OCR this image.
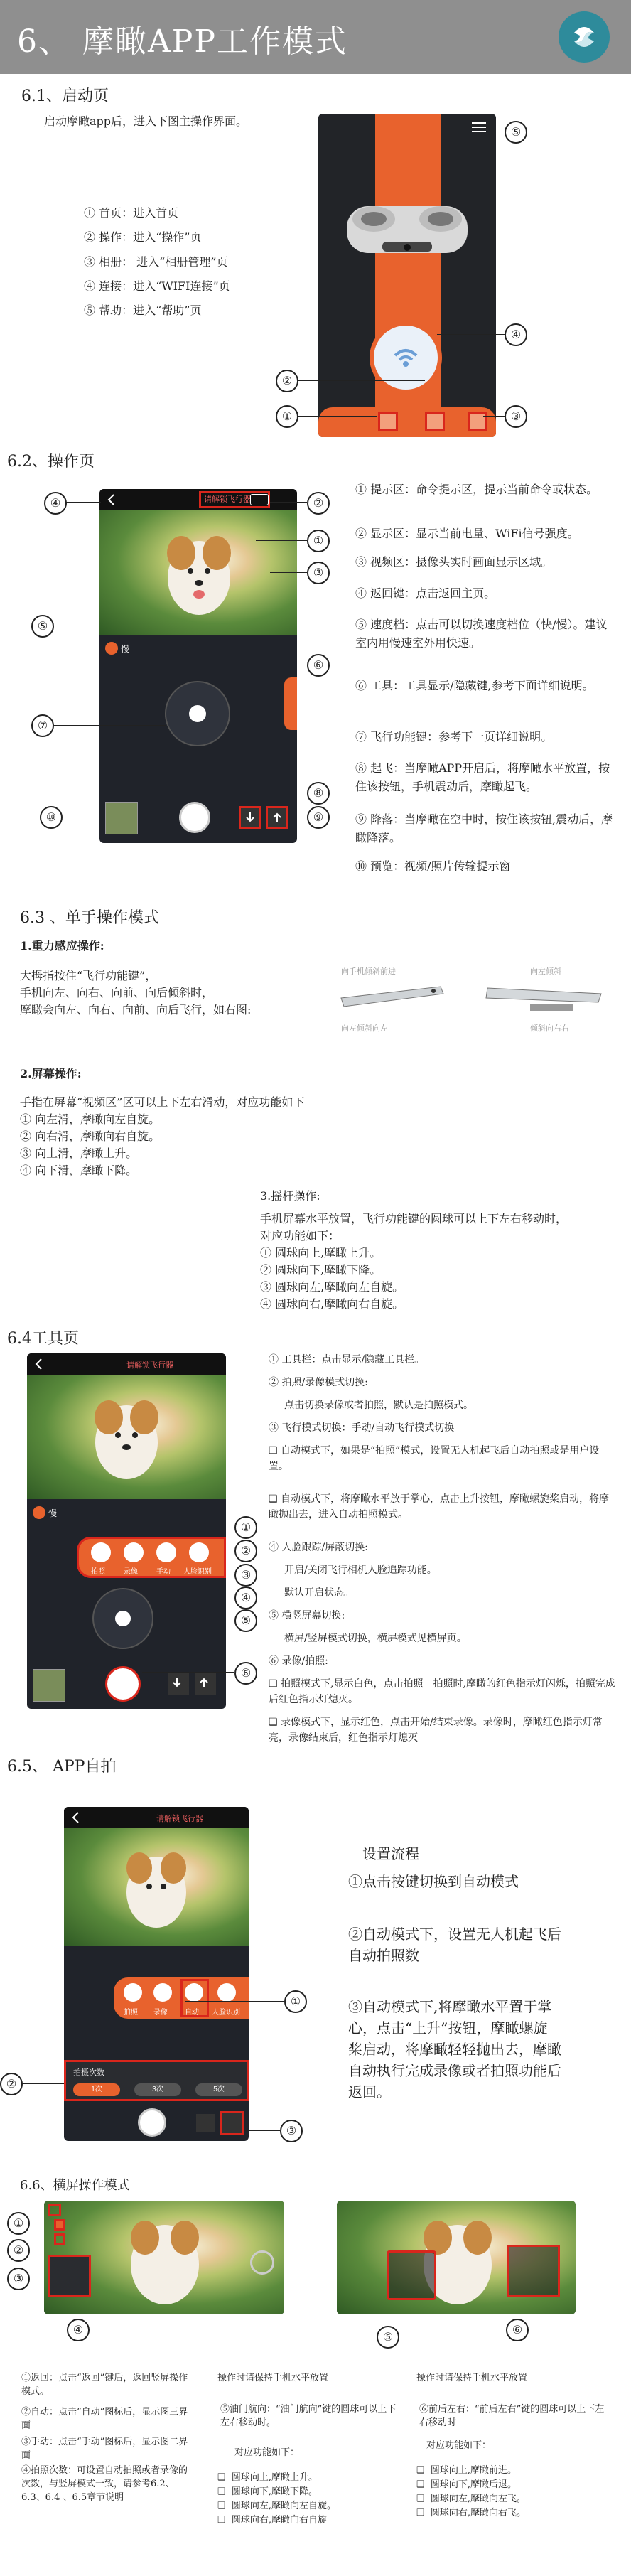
6、 摩瞰APP工作模式
6.1、启动页
启动摩瞰app后，进入下图主操作界面。
① 首页：进入首页
② 操作：进入“操作”页
③ 相册： 进入“相册管理”页
④ 连接：进入“WIFI连接”页
⑤ 帮助：进入“帮助”页
⑤
④
②
①	③
6.2、操作页
请解锁飞行器
慢
④	②
①
③
⑤
⑥
⑦
⑧
⑩	⑨
① 提示区：命令提示区，提示当前命令或状态。
② 显示区：显示当前电量、WiFi信号强度。
③ 视频区：摄像头实时画面显示区域。
④ 返回键：点击返回主页。
⑤ 速度档：点击可以切换速度档位（快/慢）。建议室内用慢速室外用快速。
⑥ 工具：工具显示/隐藏键,参考下面详细说明。
⑦ 飞行功能键：参考下一页详细说明。
⑧ 起飞：当摩瞰APP开启后，将摩瞰水平放置，按住该按钮，手机震动后，摩瞰起飞。
⑨ 降落：当摩瞰在空中时，按住该按钮,震动后，摩瞰降落。
⑩ 预览：视频/照片传输提示窗
6.3 、单手操作模式
1.重力感应操作:
大拇指按住“飞行功能键”，
手机向左、向右、向前、向后倾斜时，
摩瞰会向左、向右、向前、向后飞行，如右图:
向手机倾斜前进
向左倾斜向左
向左倾斜
倾斜向右右
2.屏幕操作:
手指在屏幕“视频区”区可以上下左右滑动，对应功能如下
① 向左滑，摩瞰向左自旋。
② 向右滑，摩瞰向右自旋。
③ 向上滑，摩瞰上升。
④ 向下滑，摩瞰下降。
3.摇杆操作:
手机屏幕水平放置，飞行功能键的圆球可以上下左右移动时，
对应功能如下：
① 圆球向上,摩瞰上升。
② 圆球向下,摩瞰下降。
③ 圆球向左,摩瞰向左自旋。
④ 圆球向右,摩瞰向右自旋。
6.4工具页
请解锁飞行器
慢
拍照	录像	手动 人脸识别
①
②
③
④
⑤
⑥
① 工具栏：点击显示/隐藏工具栏。
② 拍照/录像模式切换:
点击切换录像或者拍照，默认是拍照模式。
③ 飞行模式切换：手动/自动飞行模式切换
❑ 自动模式下，如果是“拍照”模式，设置无人机起飞后自动拍照或是用户设置。
❑ 自动模式下，将摩瞰水平放于掌心，点击上升按钮，摩瞰螺旋桨启动，将摩瞰抛出去，进入自动拍照模式。
④ 人脸跟踪/屏蔽切换:
开启/关闭飞行相机人脸追踪功能。
默认开启状态。
⑤ 横竖屏幕切换:
横屏/竖屏模式切换，横屏模式见横屏页。
⑥ 录像/拍照:
❑ 拍照模式下,显示白色，点击拍照。拍照时,摩瞰的红色指示灯闪烁，拍照完成后红色指示灯熄灭。
❑ 录像模式下，显示红色，点击开始/结束录像。录像时，摩瞰红色指示灯常亮，录像结束后，红色指示灯熄灭
6.5、 APP自拍
请解锁飞行器
拍照 录像 自动 人脸识别
拍摄次数
1次	3次	5次
①
②
③
设置流程
①点击按键切换到自动模式
②自动模式下，设置无人机起飞后自动拍照数
③自动模式下,将摩瞰水平置于掌心，点击“上升”按钮，摩瞰螺旋桨启动，将摩瞰轻轻抛出去，摩瞰自动执行完成录像或者拍照功能后返回。
6.6、横屏操作模式
①
②
③
④
⑤
⑥
①返回：点击“返回”键后，返回竖屏操作模式。
②自动：点击“自动”图标后，显示图三界面
③手动：点击“手动”图标后，显示图二界面
④拍照次数：可设置自动拍照或者录像的次数，与竖屏模式一致，请参考6.2、6.3、6.4 、6.5章节说明
操作时请保持手机水平放置
⑤油门航向：“油门航向”键的圆球可以上下左右移动时。
对应功能如下：
❑  圆球向上,摩瞰上升。
❑  圆球向下,摩瞰下降。
❑  圆球向左,摩瞰向左自旋。
❑  圆球向右,摩瞰向右自旋
操作时请保持手机水平放置
⑥前后左右：“前后左右”键的圆球可以上下左右移动时
对应功能如下：
❑  圆球向上,摩瞰前进。
❑  圆球向下,摩瞰后退。
❑  圆球向左,摩瞰向左飞。
❑  圆球向右,摩瞰向右飞。
